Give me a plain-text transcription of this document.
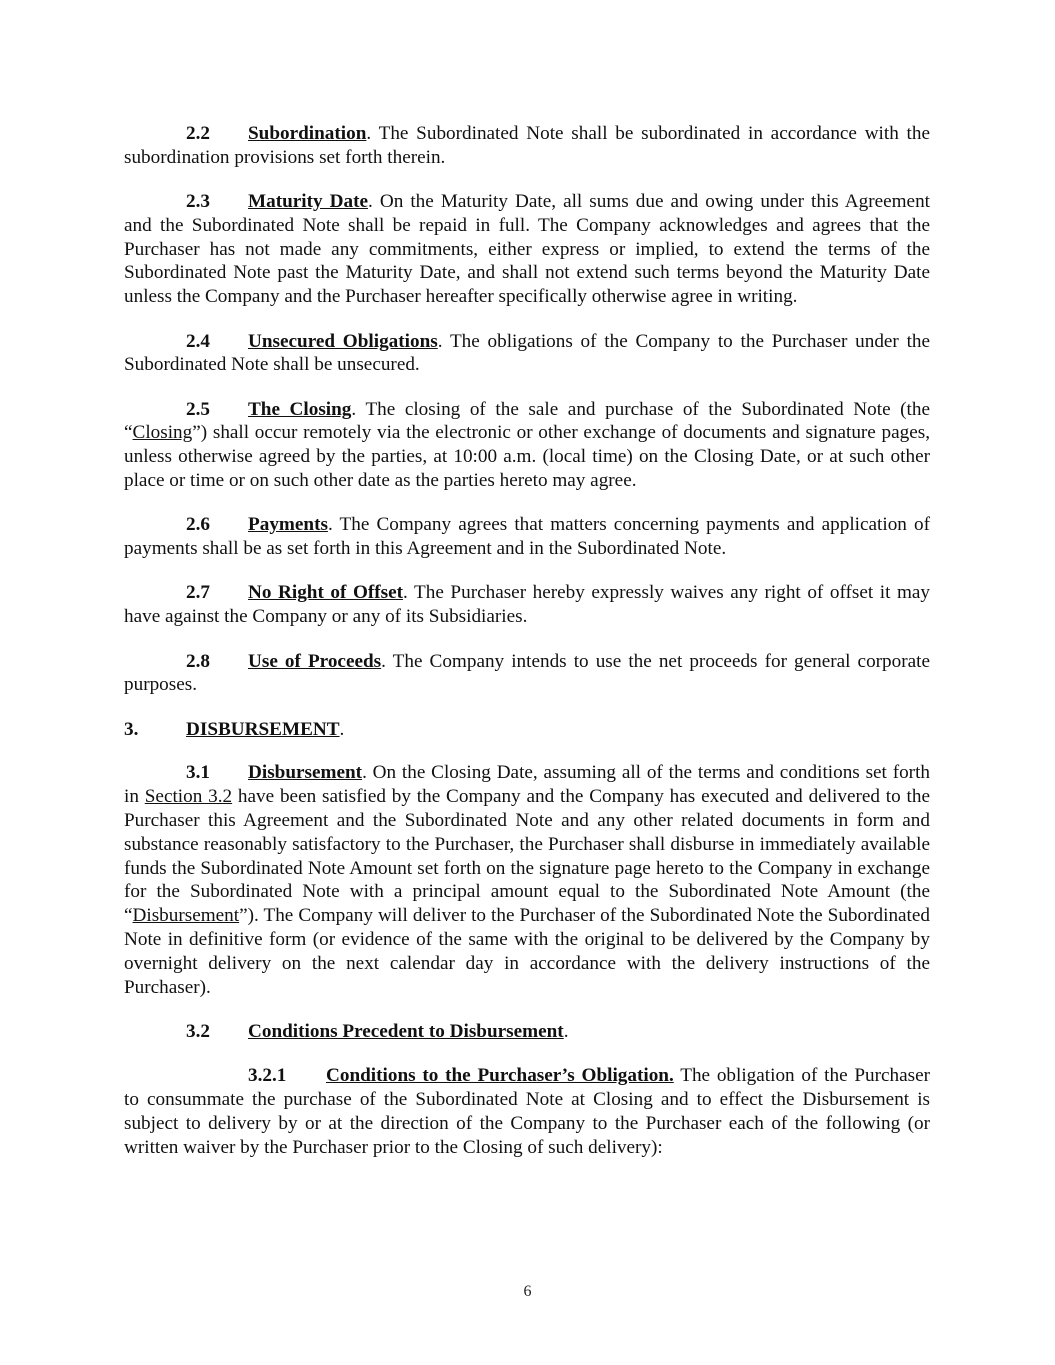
2.2 Subordination. The Subordinated Note shall be subordinated in accordance with the subordination provisions set forth therein.

2.3 Maturity Date. On the Maturity Date, all sums due and owing under this Agreement and the Subordinated Note shall be repaid in full. The Company acknowledges and agrees that the Purchaser has not made any commitments, either express or implied, to extend the terms of the Subordinated Note past the Maturity Date, and shall not extend such terms beyond the Maturity Date unless the Company and the Purchaser hereafter specifically otherwise agree in writing.

2.4 Unsecured Obligations. The obligations of the Company to the Purchaser under the Subordinated Note shall be unsecured.

2.5 The Closing. The closing of the sale and purchase of the Subordinated Note (the “Closing”) shall occur remotely via the electronic or other exchange of documents and signature pages, unless otherwise agreed by the parties, at 10:00 a.m. (local time) on the Closing Date, or at such other place or time or on such other date as the parties hereto may agree.

2.6 Payments. The Company agrees that matters concerning payments and application of payments shall be as set forth in this Agreement and in the Subordinated Note.

2.7 No Right of Offset. The Purchaser hereby expressly waives any right of offset it may have against the Company or any of its Subsidiaries.

2.8 Use of Proceeds. The Company intends to use the net proceeds for general corporate purposes.

3. DISBURSEMENT.

3.1 Disbursement. On the Closing Date, assuming all of the terms and conditions set forth in Section 3.2 have been satisfied by the Company and the Company has executed and delivered to the Purchaser this Agreement and the Subordinated Note and any other related documents in form and substance reasonably satisfactory to the Purchaser, the Purchaser shall disburse in immediately available funds the Subordinated Note Amount set forth on the signature page hereto to the Company in exchange for the Subordinated Note with a principal amount equal to the Subordinated Note Amount (the “Disbursement”). The Company will deliver to the Purchaser of the Subordinated Note the Subordinated Note in definitive form (or evidence of the same with the original to be delivered by the Company by overnight delivery on the next calendar day in accordance with the delivery instructions of the Purchaser).

3.2 Conditions Precedent to Disbursement.

3.2.1 Conditions to the Purchaser’s Obligation. The obligation of the Purchaser to consummate the purchase of the Subordinated Note at Closing and to effect the Disbursement is subject to delivery by or at the direction of the Company to the Purchaser each of the following (or written waiver by the Purchaser prior to the Closing of such delivery):

6
